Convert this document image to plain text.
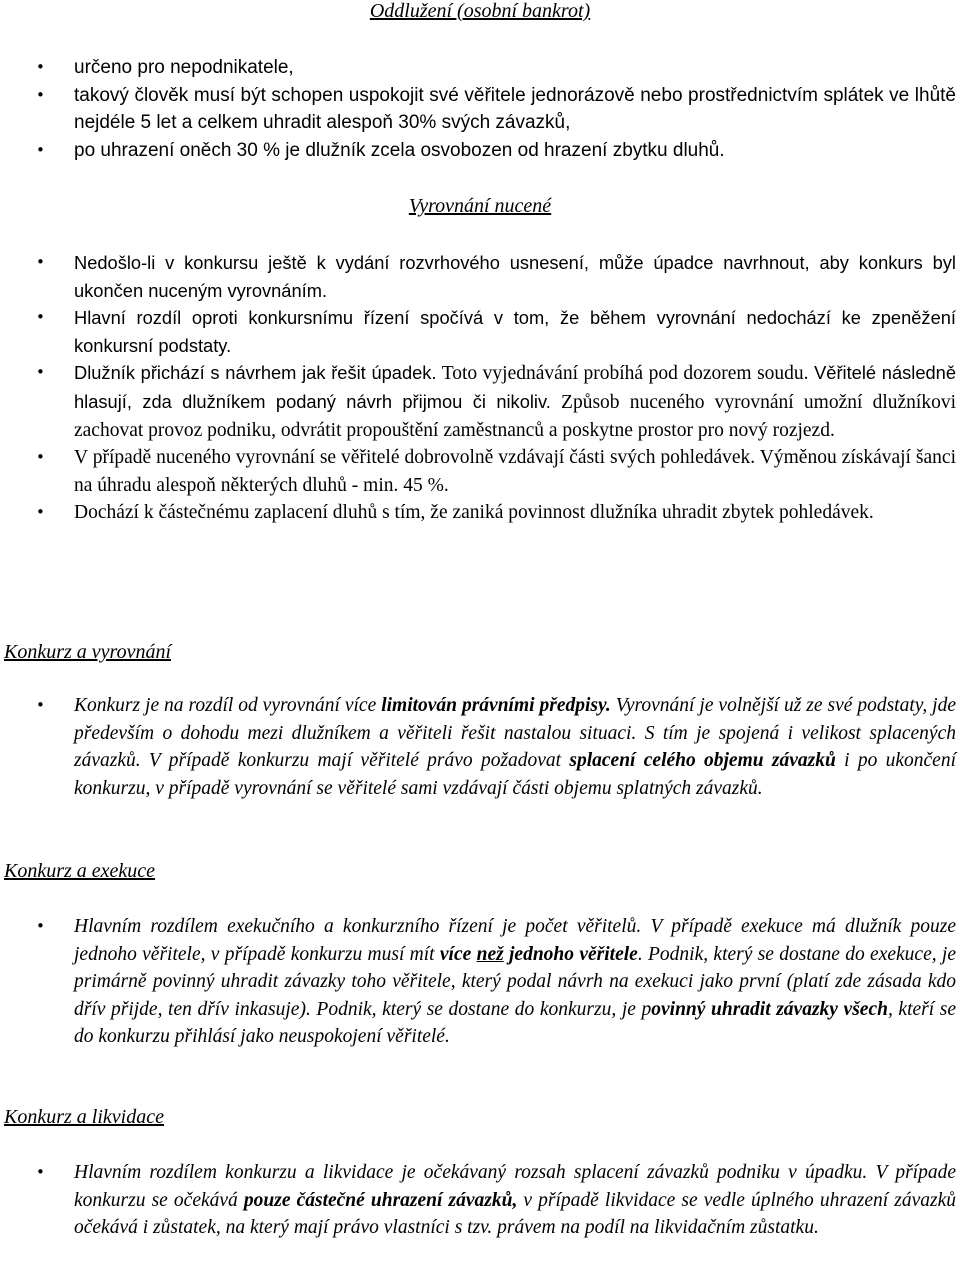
Oddlužení (osobní bankrot)
• určeno pro nepodnikatele,
• takový člověk musí být schopen uspokojit své věřitele jednorázově nebo prostřednictvím splátek ve lhůtě nejdéle 5 let a celkem uhradit alespoň 30% svých závazků,
• po uhrazení oněch 30 % je dlužník zcela osvobozen od hrazení zbytku dluhů.
Vyrovnání nucené
• Nedošlo-li v konkursu ještě k vydání rozvrhového usnesení, může úpadce navrhnout, aby konkurs byl ukončen nuceným vyrovnáním.
• Hlavní rozdíl oproti konkursnímu řízení spočívá v tom, že během vyrovnání nedochází ke zpeněžení konkursní podstaty.
• Dlužník přichází s návrhem jak řešit úpadek. Toto vyjednávání probíhá pod dozorem soudu. Věřitelé následně hlasují, zda dlužníkem podaný návrh přijmou či nikoliv. Způsob nuceného vyrovnání umožní dlužníkovi zachovat provoz podniku, odvrátit propouštění zaměstnanců a poskytne prostor pro nový rozjezd.
• V případě nuceného vyrovnání se věřitelé dobrovolně vzdávají části svých pohledávek. Výměnou získávají šanci na úhradu alespoň některých dluhů - min. 45 %.
• Dochází k částečnému zaplacení dluhů s tím, že zaniká povinnost dlužníka uhradit zbytek pohledávek.
Konkurz a vyrovnání
• Konkurz je na rozdíl od vyrovnání více limitován právními předpisy. Vyrovnání je volnější už ze své podstaty, jde především o dohodu mezi dlužníkem a věřiteli řešit nastalou situaci. S tím je spojená i velikost splacených závazků. V případě konkurzu mají věřitelé právo požadovat splacení celého objemu závazků i po ukončení konkurzu, v případě vyrovnání se věřitelé sami vzdávají části objemu splatných závazků.
Konkurz a exekuce
• Hlavním rozdílem exekučního a konkurzního řízení je počet věřitelů. V případě exekuce má dlužník pouze jednoho věřitele, v případě konkurzu musí mít více než jednoho věřitele. Podnik, který se dostane do exekuce, je primárně povinný uhradit závazky toho věřitele, který podal návrh na exekuci jako první (platí zde zásada kdo dřív přijde, ten dřív inkasuje). Podnik, který se dostane do konkurzu, je povinný uhradit závazky všech, kteří se do konkurzu přihlásí jako neuspokojení věřitelé.
Konkurz a likvidace
• Hlavním rozdílem konkurzu a likvidace je očekávaný rozsah splacení závazků podniku v úpadku. V případe konkurzu se očekává pouze částečné uhrazení závazků, v případě likvidace se vedle úplného uhrazení závazků očekává i zůstatek, na který mají právo vlastníci s tzv. právem na podíl na likvidačním zůstatku.
